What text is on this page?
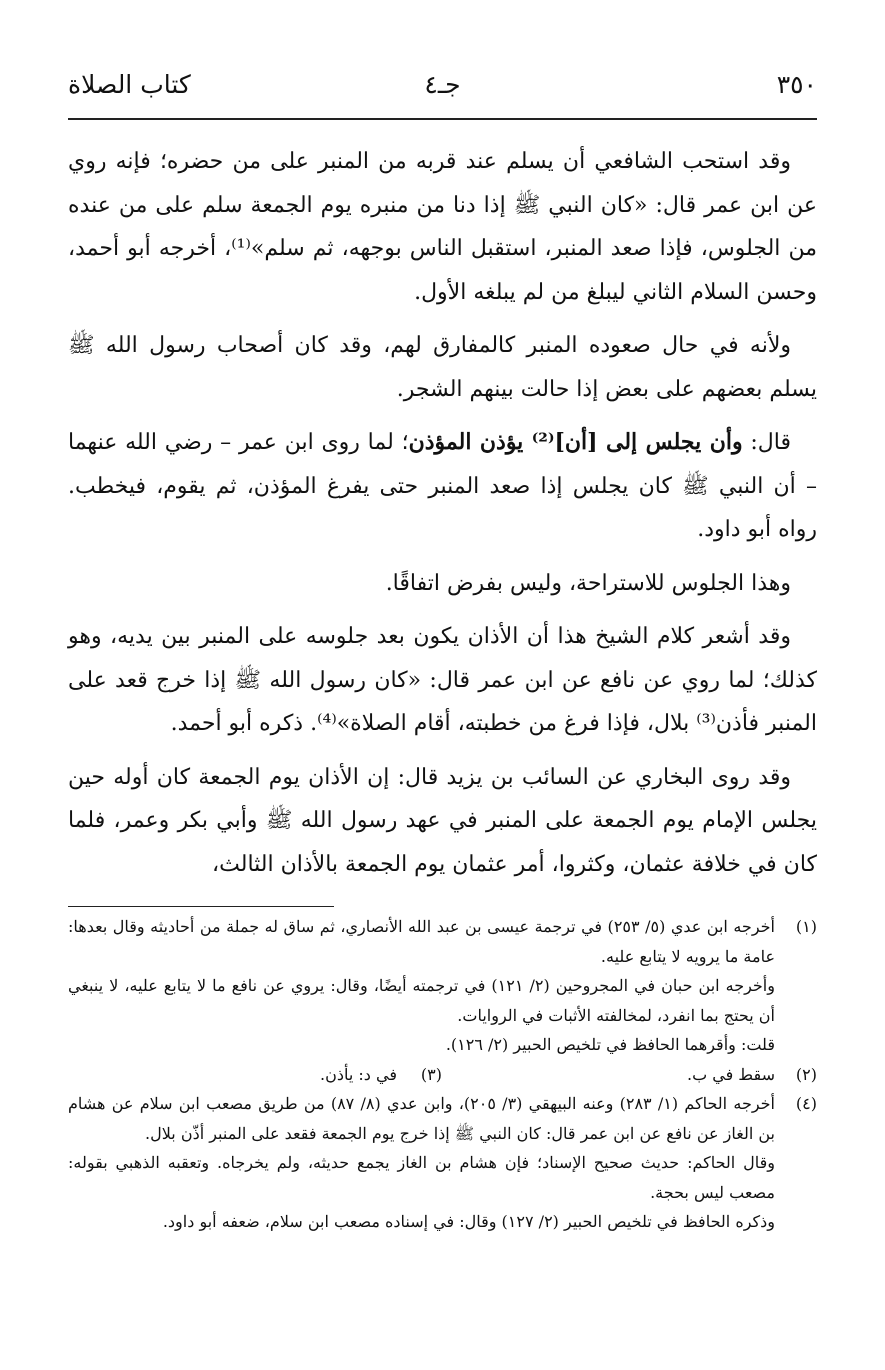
٣٥٠
جـ٤
كتاب الصلاة

وقد استحب الشافعي أن يسلم عند قربه من المنبر على من حضره؛ فإنه روي عن ابن عمر قال: «كان النبي ﷺ إذا دنا من منبره يوم الجمعة سلم على من عنده من الجلوس، فإذا صعد المنبر، استقبل الناس بوجهه، ثم سلم»⁽¹⁾، أخرجه أبو أحمد، وحسن السلام الثاني ليبلغ من لم يبلغه الأول.

ولأنه في حال صعوده المنبر كالمفارق لهم، وقد كان أصحاب رسول الله ﷺ يسلم بعضهم على بعض إذا حالت بينهم الشجر.

قال: وأن يجلس إلى [أن]⁽²⁾ يؤذن المؤذن؛ لما روى ابن عمر – رضي الله عنهما – أن النبي ﷺ كان يجلس إذا صعد المنبر حتى يفرغ المؤذن، ثم يقوم، فيخطب. رواه أبو داود.

وهذا الجلوس للاستراحة، وليس بفرض اتفاقًا.

وقد أشعر كلام الشيخ هذا أن الأذان يكون بعد جلوسه على المنبر بين يديه، وهو كذلك؛ لما روي عن نافع عن ابن عمر قال: «كان رسول الله ﷺ إذا خرج قعد على المنبر فأذن⁽³⁾ بلال، فإذا فرغ من خطبته، أقام الصلاة»⁽⁴⁾. ذكره أبو أحمد.

وقد روى البخاري عن السائب بن يزيد قال: إن الأذان يوم الجمعة كان أوله حين يجلس الإمام يوم الجمعة على المنبر في عهد رسول الله ﷺ وأبي بكر وعمر، فلما كان في خلافة عثمان، وكثروا، أمر عثمان يوم الجمعة بالأذان الثالث،

(١)
أخرجه ابن عدي (٥/ ٢٥٣) في ترجمة عيسى بن عبد الله الأنصاري، ثم ساق له جملة من أحاديثه وقال بعدها: عامة ما يرويه لا يتابع عليه.
وأخرجه ابن حبان في المجروحين (٢/ ١٢١) في ترجمته أيضًا، وقال: يروي عن نافع ما لا يتابع عليه، لا ينبغي أن يحتج بما انفرد، لمخالفته الأثبات في الروايات.
قلت: وأقرهما الحافظ في تلخيص الحبير (٢/ ١٢٦).
(٢)
سقط في ب.
(٣)
في د: يأذن.
(٤)
أخرجه الحاكم (١/ ٢٨٣) وعنه البيهقي (٣/ ٢٠٥)، وابن عدي (٨/ ٨٧) من طريق مصعب ابن سلام عن هشام بن الغاز عن نافع عن ابن عمر قال: كان النبي ﷺ إذا خرج يوم الجمعة فقعد على المنبر أذّن بلال.
وقال الحاكم: حديث صحيح الإسناد؛ فإن هشام بن الغاز يجمع حديثه، ولم يخرجاه. وتعقبه الذهبي بقوله: مصعب ليس بحجة.
وذكره الحافظ في تلخيص الحبير (٢/ ١٢٧) وقال: في إسناده مصعب ابن سلام، ضعفه أبو داود.
